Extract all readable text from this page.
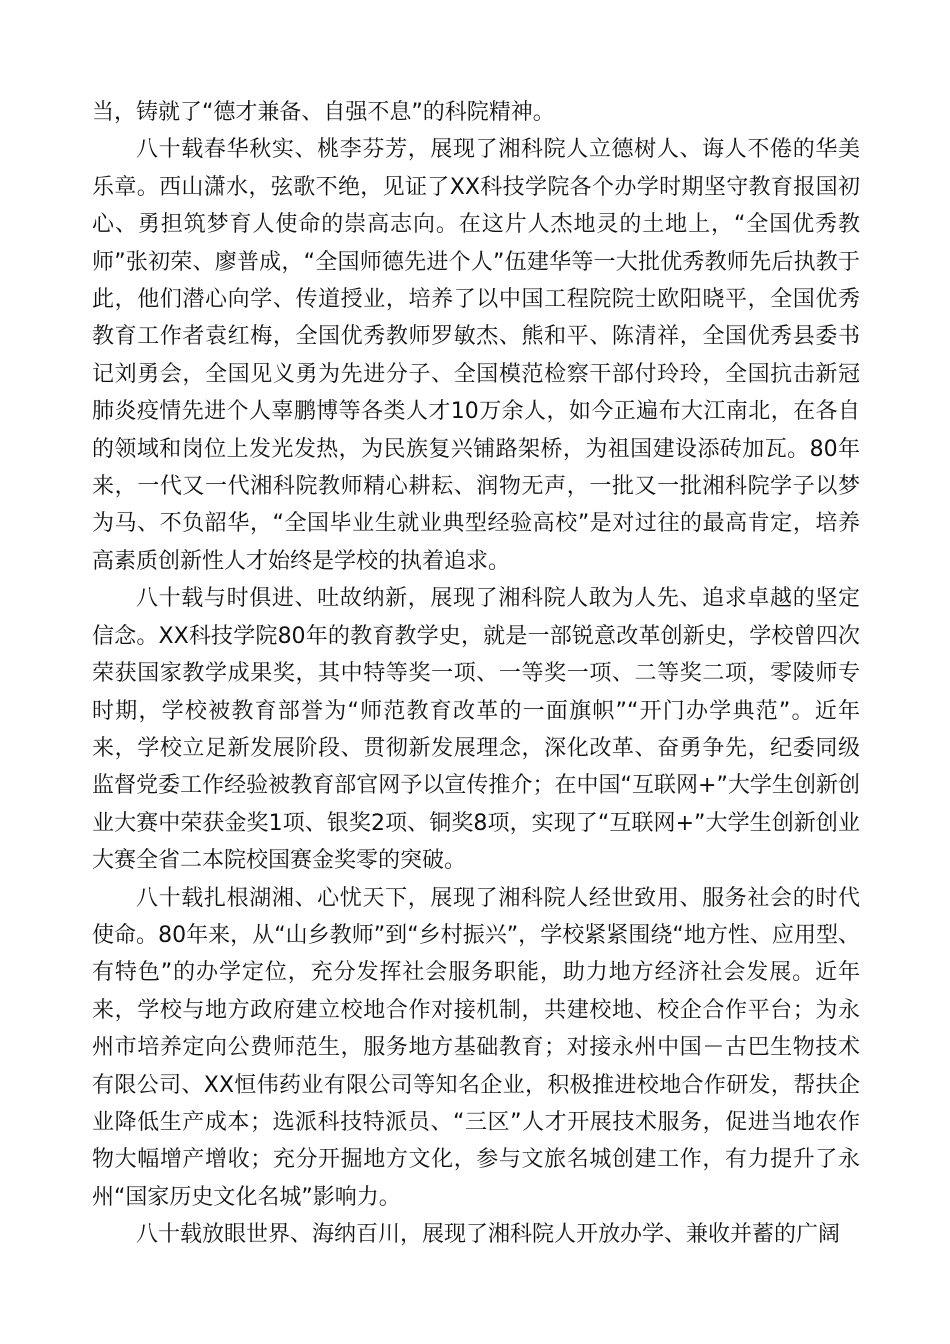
当，铸就了“德才兼备、自强不息”的科院精神。

八十载春华秋实、桃李芬芳，展现了湘科院人立德树人、诲人不倦的华美乐章。西山潇水，弦歌不绝，见证了XX科技学院各个办学时期坚守教育报国初心、勇担筑梦育人使命的崇高志向。在这片人杰地灵的土地上，“全国优秀教师”张初荣、廖普成，“全国师德先进个人”伍建华等一大批优秀教师先后执教于此，他们潜心向学、传道授业，培养了以中国工程院院士欧阳晓平，全国优秀教育工作者袁红梅，全国优秀教师罗敏杰、熊和平、陈清祥，全国优秀县委书记刘勇会，全国见义勇为先进分子、全国模范检察干部付玲玲，全国抗击新冠肺炎疫情先进个人辜鹏博等各类人才10万余人，如今正遍布大江南北，在各自的领域和岗位上发光发热，为民族复兴铺路架桥，为祖国建设添砖加瓦。80年来，一代又一代湘科院教师精心耕耘、润物无声，一批又一批湘科院学子以梦为马、不负韶华，“全国毕业生就业典型经验高校”是对过往的最高肯定，培养高素质创新性人才始终是学校的执着追求。

八十载与时俱进、吐故纳新，展现了湘科院人敢为人先、追求卓越的坚定信念。XX科技学院80年的教育教学史，就是一部锐意改革创新史，学校曾四次荣获国家教学成果奖，其中特等奖一项、一等奖一项、二等奖二项，零陵师专时期，学校被教育部誉为“师范教育改革的一面旗帜”“开门办学典范”。近年来，学校立足新发展阶段、贯彻新发展理念，深化改革、奋勇争先，纪委同级监督党委工作经验被教育部官网予以宣传推介；在中国“互联网+”大学生创新创业大赛中荣获金奖1项、银奖2项、铜奖8项，实现了“互联网+”大学生创新创业大赛全省二本院校国赛金奖零的突破。

八十载扎根湖湘、心忧天下，展现了湘科院人经世致用、服务社会的时代使命。80年来，从“山乡教师”到“乡村振兴”，学校紧紧围绕“地方性、应用型、有特色”的办学定位，充分发挥社会服务职能，助力地方经济社会发展。近年来，学校与地方政府建立校地合作对接机制，共建校地、校企合作平台；为永州市培养定向公费师范生，服务地方基础教育；对接永州中国－古巴生物技术有限公司、XX恒伟药业有限公司等知名企业，积极推进校地合作研发，帮扶企业降低生产成本；选派科技特派员、“三区”人才开展技术服务，促进当地农作物大幅增产增收；充分开掘地方文化，参与文旅名城创建工作，有力提升了永州“国家历史文化名城”影响力。

八十载放眼世界、海纳百川，展现了湘科院人开放办学、兼收并蓄的广阔
